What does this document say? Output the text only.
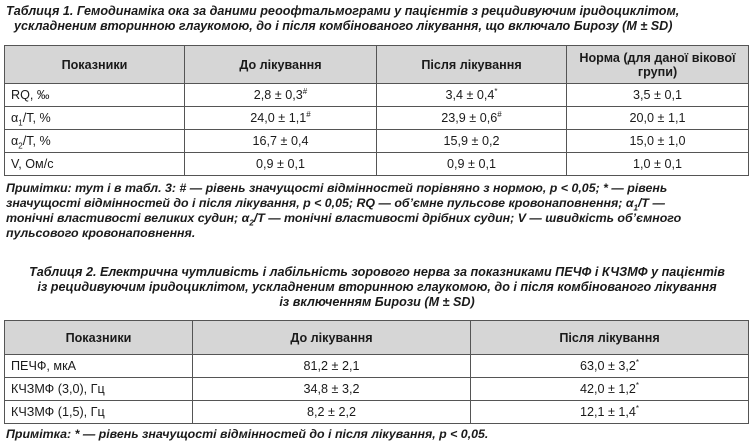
Таблиця 1. Гемодинаміка ока за даними реоофтальмограми у пацієнтів з рецидивуючим іридоциклітом,
ускладненим вторинною глаукомою, до і після комбінованого лікування, що включало Бирозу (M ± SD)
Показники	До лікування	Після лікування	Норма (для даної вікової групи)
RQ, ‰	2,8 ± 0,3#	3,4 ± 0,4*	3,5 ± 0,1
$\alpha_1/T$, %	24,0 ± 1,1#	23,9 ± 0,6#	20,0 ± 1,1
$\alpha_2/T$, %	16,7 ± 0,4	15,9 ± 0,2	15,0 ± 1,0
V, Ом/с	0,9 ± 0,1	0,9 ± 0,1	1,0 ± 0,1
Примітки: тут і в табл. 3: # — рівень значущості відмінностей порівняно з нормою, p < 0,05; * — рівень
значущості відмінностей до і після лікування, p < 0,05; RQ — об’ємне пульсове кровонаповнення; $\alpha_1/T$ —
тонічні властивості великих судин; $\alpha_2/T$ — тонічні властивості дрібних судин; V — швидкість об’ємного
пульсового кровонаповнення.
Таблиця 2. Електрична чутливість і лабільність зорового нерва за показниками ПЕЧФ і КЧЗМФ у пацієнтів
із рецидивуючим іридоциклітом, ускладненим вторинною глаукомою, до і після комбінованого лікування
із включенням Бирози (M ± SD)
Показники	До лікування	Після лікування
ПЕЧФ, мкА	81,2 ± 2,1	63,0 ± 3,2*
КЧЗМФ (3,0), Гц	34,8 ± 3,2	42,0 ± 1,2*
КЧЗМФ (1,5), Гц	8,2 ± 2,2	12,1 ± 1,4*
Примітка: * — рівень значущості відмінностей до і після лікування, p < 0,05.
